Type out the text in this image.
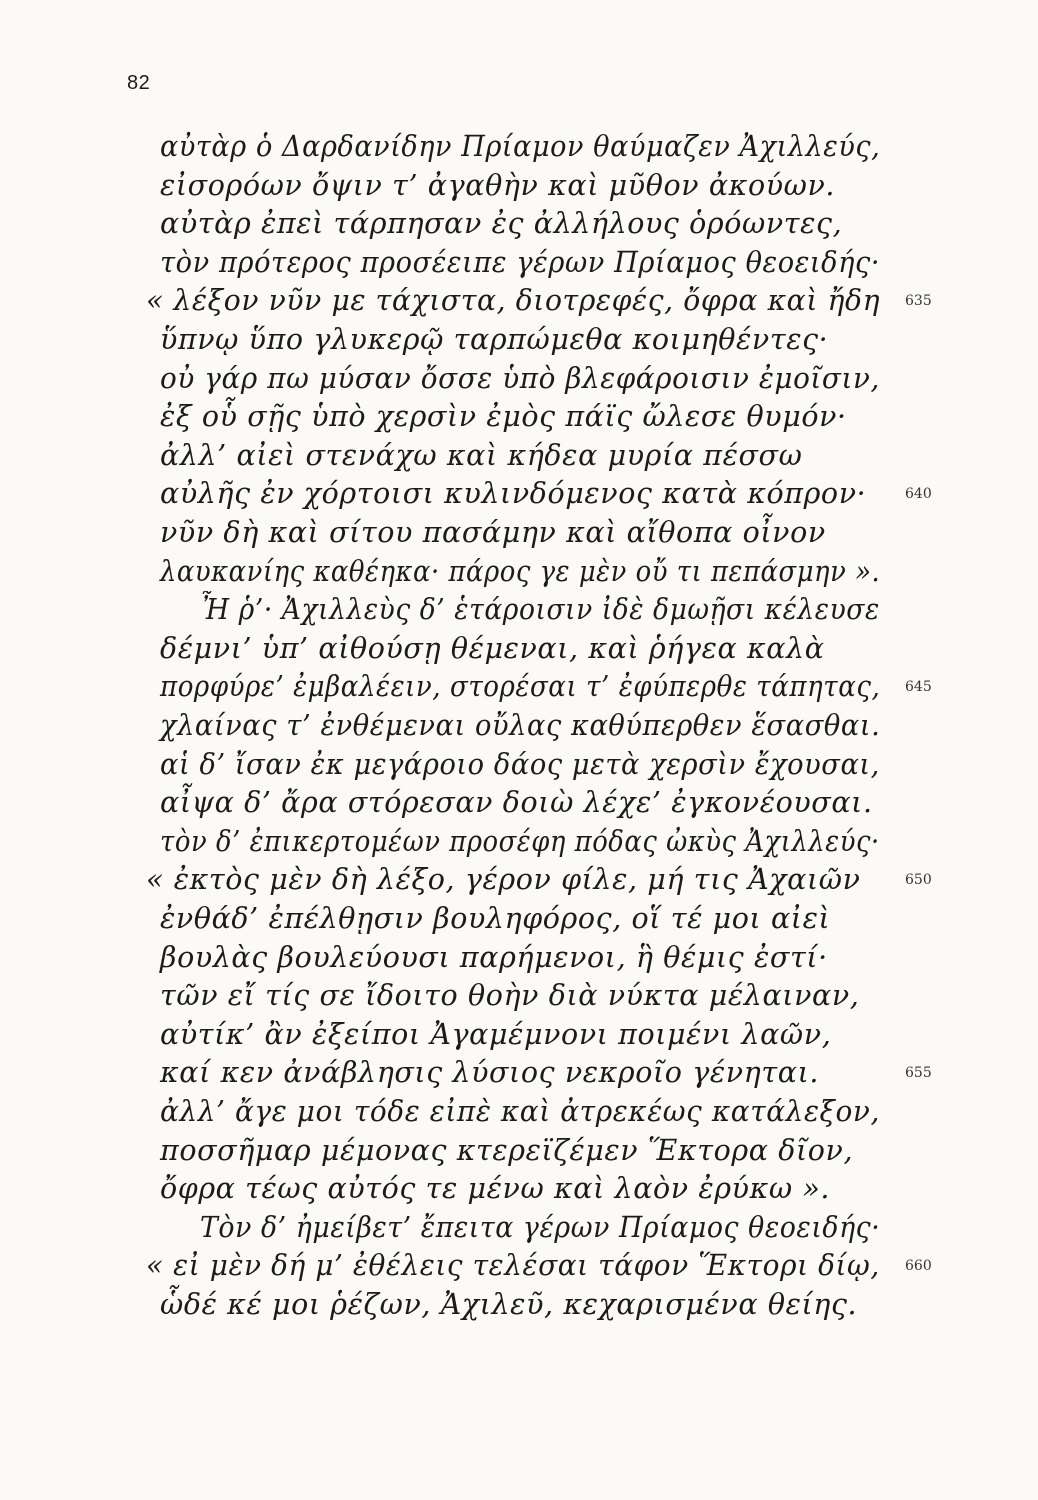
82
αὐτὰρ ὁ Δαρδανίδην Πρίαμον θαύμαζεν Ἀχιλλεύς,
εἰσορόων ὄψιν τ’ ἀγαθὴν καὶ μῦθον ἀκούων.
αὐτὰρ ἐπεὶ τάρπησαν ἐς ἀλλήλους ὁρόωντες,
τὸν πρότερος προσέειπε γέρων Πρίαμος θεοειδής·
« λέξον νῦν με τάχιστα, διοτρεφές, ὄφρα καὶ ἤδη 635
ὕπνῳ ὕπο γλυκερῷ ταρπώμεθα κοιμηθέντες·
οὐ γάρ πω μύσαν ὄσσε ὑπὸ βλεφάροισιν ἐμοῖσιν,
ἐξ οὗ σῇς ὑπὸ χερσὶν ἐμὸς πάϊς ὤλεσε θυμόν·
ἀλλ’ αἰεὶ στενάχω καὶ κήδεα μυρία πέσσω
αὐλῆς ἐν χόρτοισι κυλινδόμενος κατὰ κόπρον·	640
νῦν δὴ καὶ σίτου πασάμην καὶ αἴθοπα οἶνον
λαυκανίης καθέηκα· πάρος γε μὲν οὔ τι πεπάσμην ».
Ἦ ῥ’· Ἀχιλλεὺς δ’ ἑτάροισιν ἰδὲ δμωῇσι κέλευσε
δέμνι’ ὑπ’ αἰθούσῃ θέμεναι, καὶ ῥήγεα καλὰ
πορφύρε’ ἐμβαλέειν, στορέσαι τ’ ἐφύπερθε τάπητας, 645
χλαίνας τ’ ἐνθέμεναι οὔλας καθύπερθεν ἕσασθαι.
αἱ δ’ ἴσαν ἐκ μεγάροιο δάος μετὰ χερσὶν ἔχουσαι,
αἶψα δ’ ἄρα στόρεσαν δοιὼ λέχε’ ἐγκονέουσαι.
τὸν δ’ ἐπικερτομέων προσέφη πόδας ὠκὺς Ἀχιλλεύς·
« ἐκτὸς μὲν δὴ λέξο, γέρον φίλε, μή τις Ἀχαιῶν	650
ἐνθάδ’ ἐπέλθῃσιν βουληφόρος, οἵ τέ μοι αἰεὶ
βουλὰς βουλεύουσι παρήμενοι, ἣ θέμις ἐστί·
τῶν εἴ τίς σε ἴδοιτο θοὴν διὰ νύκτα μέλαιναν,
αὐτίκ’ ἂν ἐξείποι Ἀγαμέμνονι ποιμένι λαῶν,
καί κεν ἀνάβλησις λύσιος νεκροῖο γένηται.	655
ἀλλ’ ἄγε μοι τόδε εἰπὲ καὶ ἀτρεκέως κατάλεξον,
ποσσῆμαρ μέμονας κτερεϊζέμεν Ἕκτορα δῖον,
ὄφρα τέως αὐτός τε μένω καὶ λαὸν ἐρύκω ».
Τὸν δ’ ἠμείβετ’ ἔπειτα γέρων Πρίαμος θεοειδής·
« εἰ μὲν δή μ’ ἐθέλεις τελέσαι τάφον Ἕκτορι δίῳ, 660
ὧδέ κέ μοι ῥέζων, Ἀχιλεῦ, κεχαρισμένα θείης.
